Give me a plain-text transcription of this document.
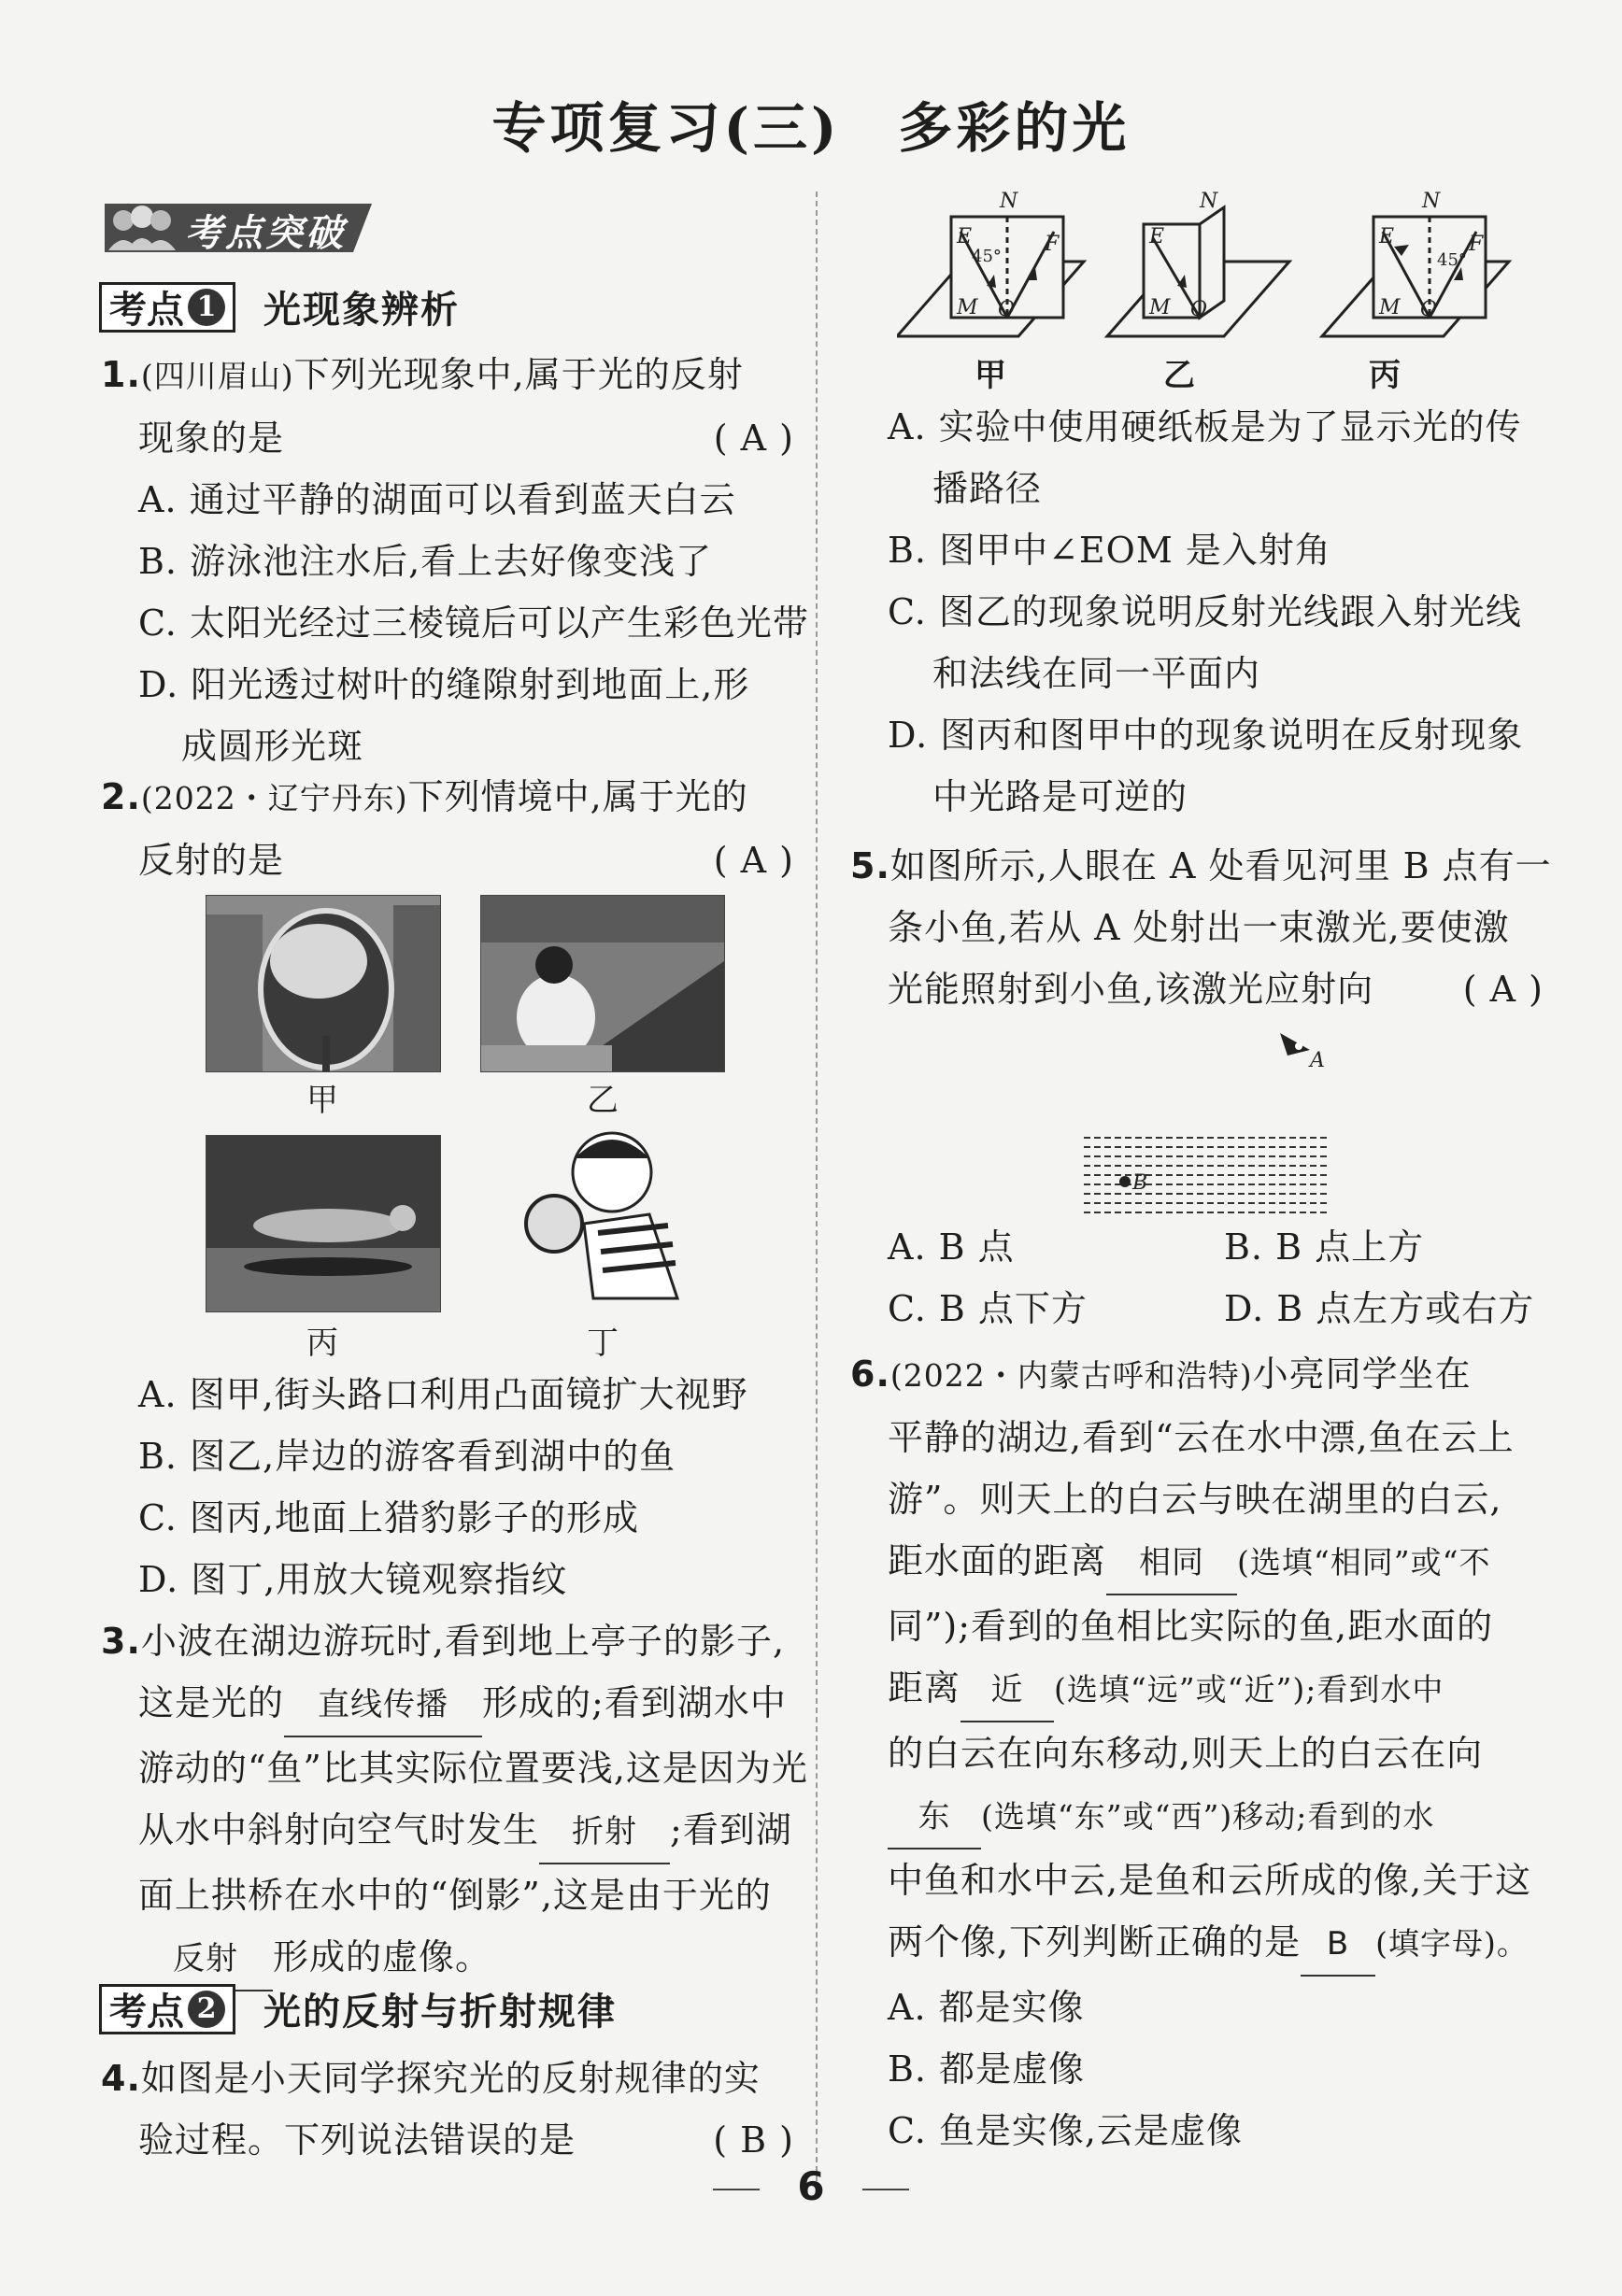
专项复习(三)　多彩的光
考点突破
考点 1 光现象辨析
1.(四川眉山)下列光现象中,属于光的反射
现象的是	( A )
A. 通过平静的湖面可以看到蓝天白云
B. 游泳池注水后,看上去好像变浅了
C. 太阳光经过三棱镜后可以产生彩色光带
D. 阳光透过树叶的缝隙射到地面上,形
成圆形光斑
2.(2022・辽宁丹东)下列情境中,属于光的
反射的是	( A )
甲	乙
丙	丁
A. 图甲,街头路口利用凸面镜扩大视野
B. 图乙,岸边的游客看到湖中的鱼
C. 图丙,地面上猎豹影子的形成
D. 图丁,用放大镜观察指纹
3.小波在湖边游玩时,看到地上亭子的影子,
这是光的 直线传播 形成的;看到湖水中
游动的“鱼”比其实际位置要浅,这是因为光
从水中斜射向空气时发生 折射 ;看到湖
面上拱桥在水中的“倒影”,这是由于光的
反射 形成的虚像。
考点 2 光的反射与折射规律
4.如图是小天同学探究光的反射规律的实
验过程。下列说法错误的是	( B )
N
E	F
45°
M O
N
E
M O
N
E	F
45°
M O
甲	乙	丙
A. 实验中使用硬纸板是为了显示光的传
播路径
B. 图甲中∠EOM 是入射角
C. 图乙的现象说明反射光线跟入射光线
和法线在同一平面内
D. 图丙和图甲中的现象说明在反射现象
中光路是可逆的
5.如图所示,人眼在 A 处看见河里 B 点有一
条小鱼,若从 A 处射出一束激光,要使激
光能照射到小鱼,该激光应射向	( A )
A
B
A. B 点	B. B 点上方
C. B 点下方	D. B 点左方或右方
6.(2022・内蒙古呼和浩特)小亮同学坐在
平静的湖边,看到“云在水中漂,鱼在云上
游”。则天上的白云与映在湖里的白云,
距水面的距离 相同 (选填“相同”或“不
同”);看到的鱼相比实际的鱼,距水面的
距离 近 (选填“远”或“近”);看到水中
的白云在向东移动,则天上的白云在向
东 (选填“东”或“西”)移动;看到的水
中鱼和水中云,是鱼和云所成的像,关于这
两个像,下列判断正确的是 B (填字母)。
A. 都是实像
B. 都是虚像
C. 鱼是实像,云是虚像
6
